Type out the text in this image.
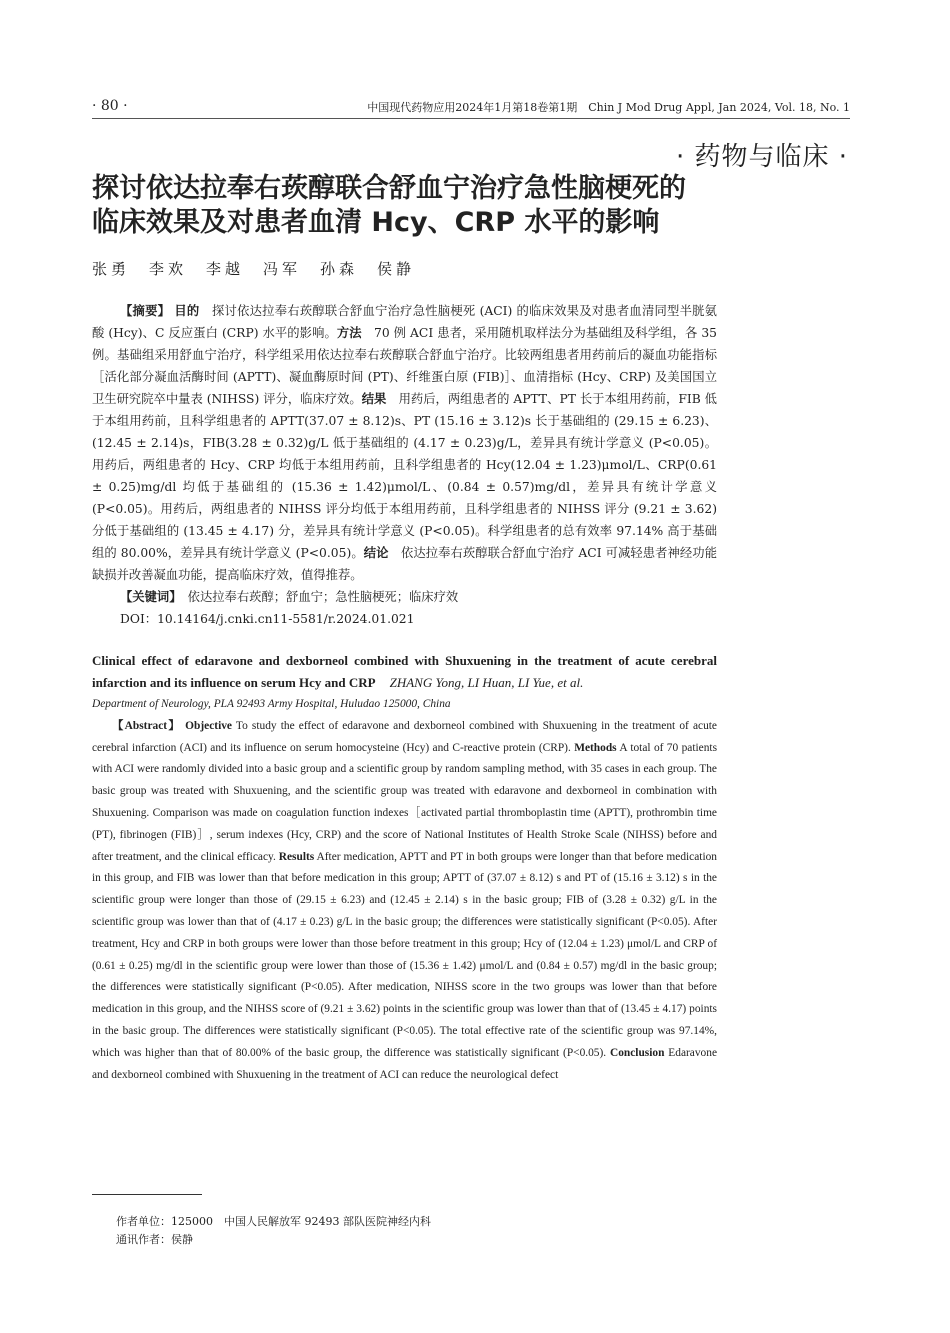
· 80 ·	中国现代药物应用2024年1月第18卷第1期　Chin J Mod Drug Appl, Jan 2024, Vol. 18, No. 1
· 药物与临床 ·
探讨依达拉奉右莰醇联合舒血宁治疗急性脑梗死的
临床效果及对患者血清 Hcy、CRP 水平的影响
张勇　李欢　李越　冯军　孙森　侯静

【摘要】 目的　 探讨依达拉奉右莰醇联合舒血宁治疗急性脑梗死 (ACI) 的临床效果及对患者血清同型半胱氨酸 (Hcy)、C 反应蛋白 (CRP) 水平的影响。方法　 70 例 ACI 患者，采用随机取样法分为基础组及科学组，各 35 例。基础组采用舒血宁治疗，科学组采用依达拉奉右莰醇联合舒血宁治疗。比较两组患者用药前后的凝血功能指标［活化部分凝血活酶时间 (APTT)、凝血酶原时间 (PT)、纤维蛋白原 (FIB)］、血清指标 (Hcy、CRP) 及美国国立卫生研究院卒中量表 (NIHSS) 评分，临床疗效。结果　 用药后，两组患者的 APTT、PT 长于本组用药前，FIB 低于本组用药前，且科学组患者的 APTT(37.07 ± 8.12)s、PT (15.16 ± 3.12)s 长于基础组的 (29.15 ± 6.23)、(12.45 ± 2.14)s，FIB(3.28 ± 0.32)g/L 低于基础组的 (4.17 ± 0.23)g/L，差异具有统计学意义 (P<0.05)。用药后，两组患者的 Hcy、CRP 均低于本组用药前，且科学组患者的 Hcy(12.04 ± 1.23)μmol/L、CRP(0.61 ± 0.25)mg/dl 均低于基础组的 (15.36 ± 1.42)μmol/L、(0.84 ± 0.57)mg/dl，差异具有统计学意义 (P<0.05)。用药后，两组患者的 NIHSS 评分均低于本组用药前，且科学组患者的 NIHSS 评分 (9.21 ± 3.62) 分低于基础组的 (13.45 ± 4.17) 分，差异具有统计学意义 (P<0.05)。科学组患者的总有效率 97.14% 高于基础组的 80.00%，差异具有统计学意义 (P<0.05)。结论　 依达拉奉右莰醇联合舒血宁治疗 ACI 可减轻患者神经功能缺损并改善凝血功能，提高临床疗效，值得推荐。

【关键词】　 依达拉奉右莰醇；舒血宁；急性脑梗死；临床疗效

DOI：10.14164/j.cnki.cn11-5581/r.2024.01.021

Clinical effect of edaravone and dexborneol combined with Shuxuening in the treatment of acute cerebral infarction and its influence on serum Hcy and CRP ZHANG Yong, LI Huan, LI Yue, et al.

Department of Neurology, PLA 92493 Army Hospital, Huludao 125000, China

【Abstract】 Objective To study the effect of edaravone and dexborneol combined with Shuxuening in the treatment of acute cerebral infarction (ACI) and its influence on serum homocysteine (Hcy) and C-reactive protein (CRP). Methods A total of 70 patients with ACI were randomly divided into a basic group and a scientific group by random sampling method, with 35 cases in each group. The basic group was treated with Shuxuening, and the scientific group was treated with edaravone and dexborneol in combination with Shuxuening. Comparison was made on coagulation function indexes［activated partial thromboplastin time (APTT), prothrombin time (PT), fibrinogen (FIB)］, serum indexes (Hcy, CRP) and the score of National Institutes of Health Stroke Scale (NIHSS) before and after treatment, and the clinical efficacy. Results After medication, APTT and PT in both groups were longer than that before medication in this group, and FIB was lower than that before medication in this group; APTT of (37.07 ± 8.12) s and PT of (15.16 ± 3.12) s in the scientific group were longer than those of (29.15 ± 6.23) and (12.45 ± 2.14) s in the basic group; FIB of (3.28 ± 0.32) g/L in the scientific group was lower than that of (4.17 ± 0.23) g/L in the basic group; the differences were statistically significant (P<0.05). After treatment, Hcy and CRP in both groups were lower than those before treatment in this group; Hcy of (12.04 ± 1.23) μmol/L and CRP of (0.61 ± 0.25) mg/dl in the scientific group were lower than those of (15.36 ± 1.42) μmol/L and (0.84 ± 0.57) mg/dl in the basic group; the differences were statistically significant (P<0.05). After medication, NIHSS score in the two groups was lower than that before medication in this group, and the NIHSS score of (9.21 ± 3.62) points in the scientific group was lower than that of (13.45 ± 4.17) points in the basic group. The differences were statistically significant (P<0.05). The total effective rate of the scientific group was 97.14%, which was higher than that of 80.00% of the basic group, the difference was statistically significant (P<0.05). Conclusion Edaravone and dexborneol combined with Shuxuening in the treatment of ACI can reduce the neurological defect

作者单位：125000　中国人民解放军 92493 部队医院神经内科
通讯作者：侯静
